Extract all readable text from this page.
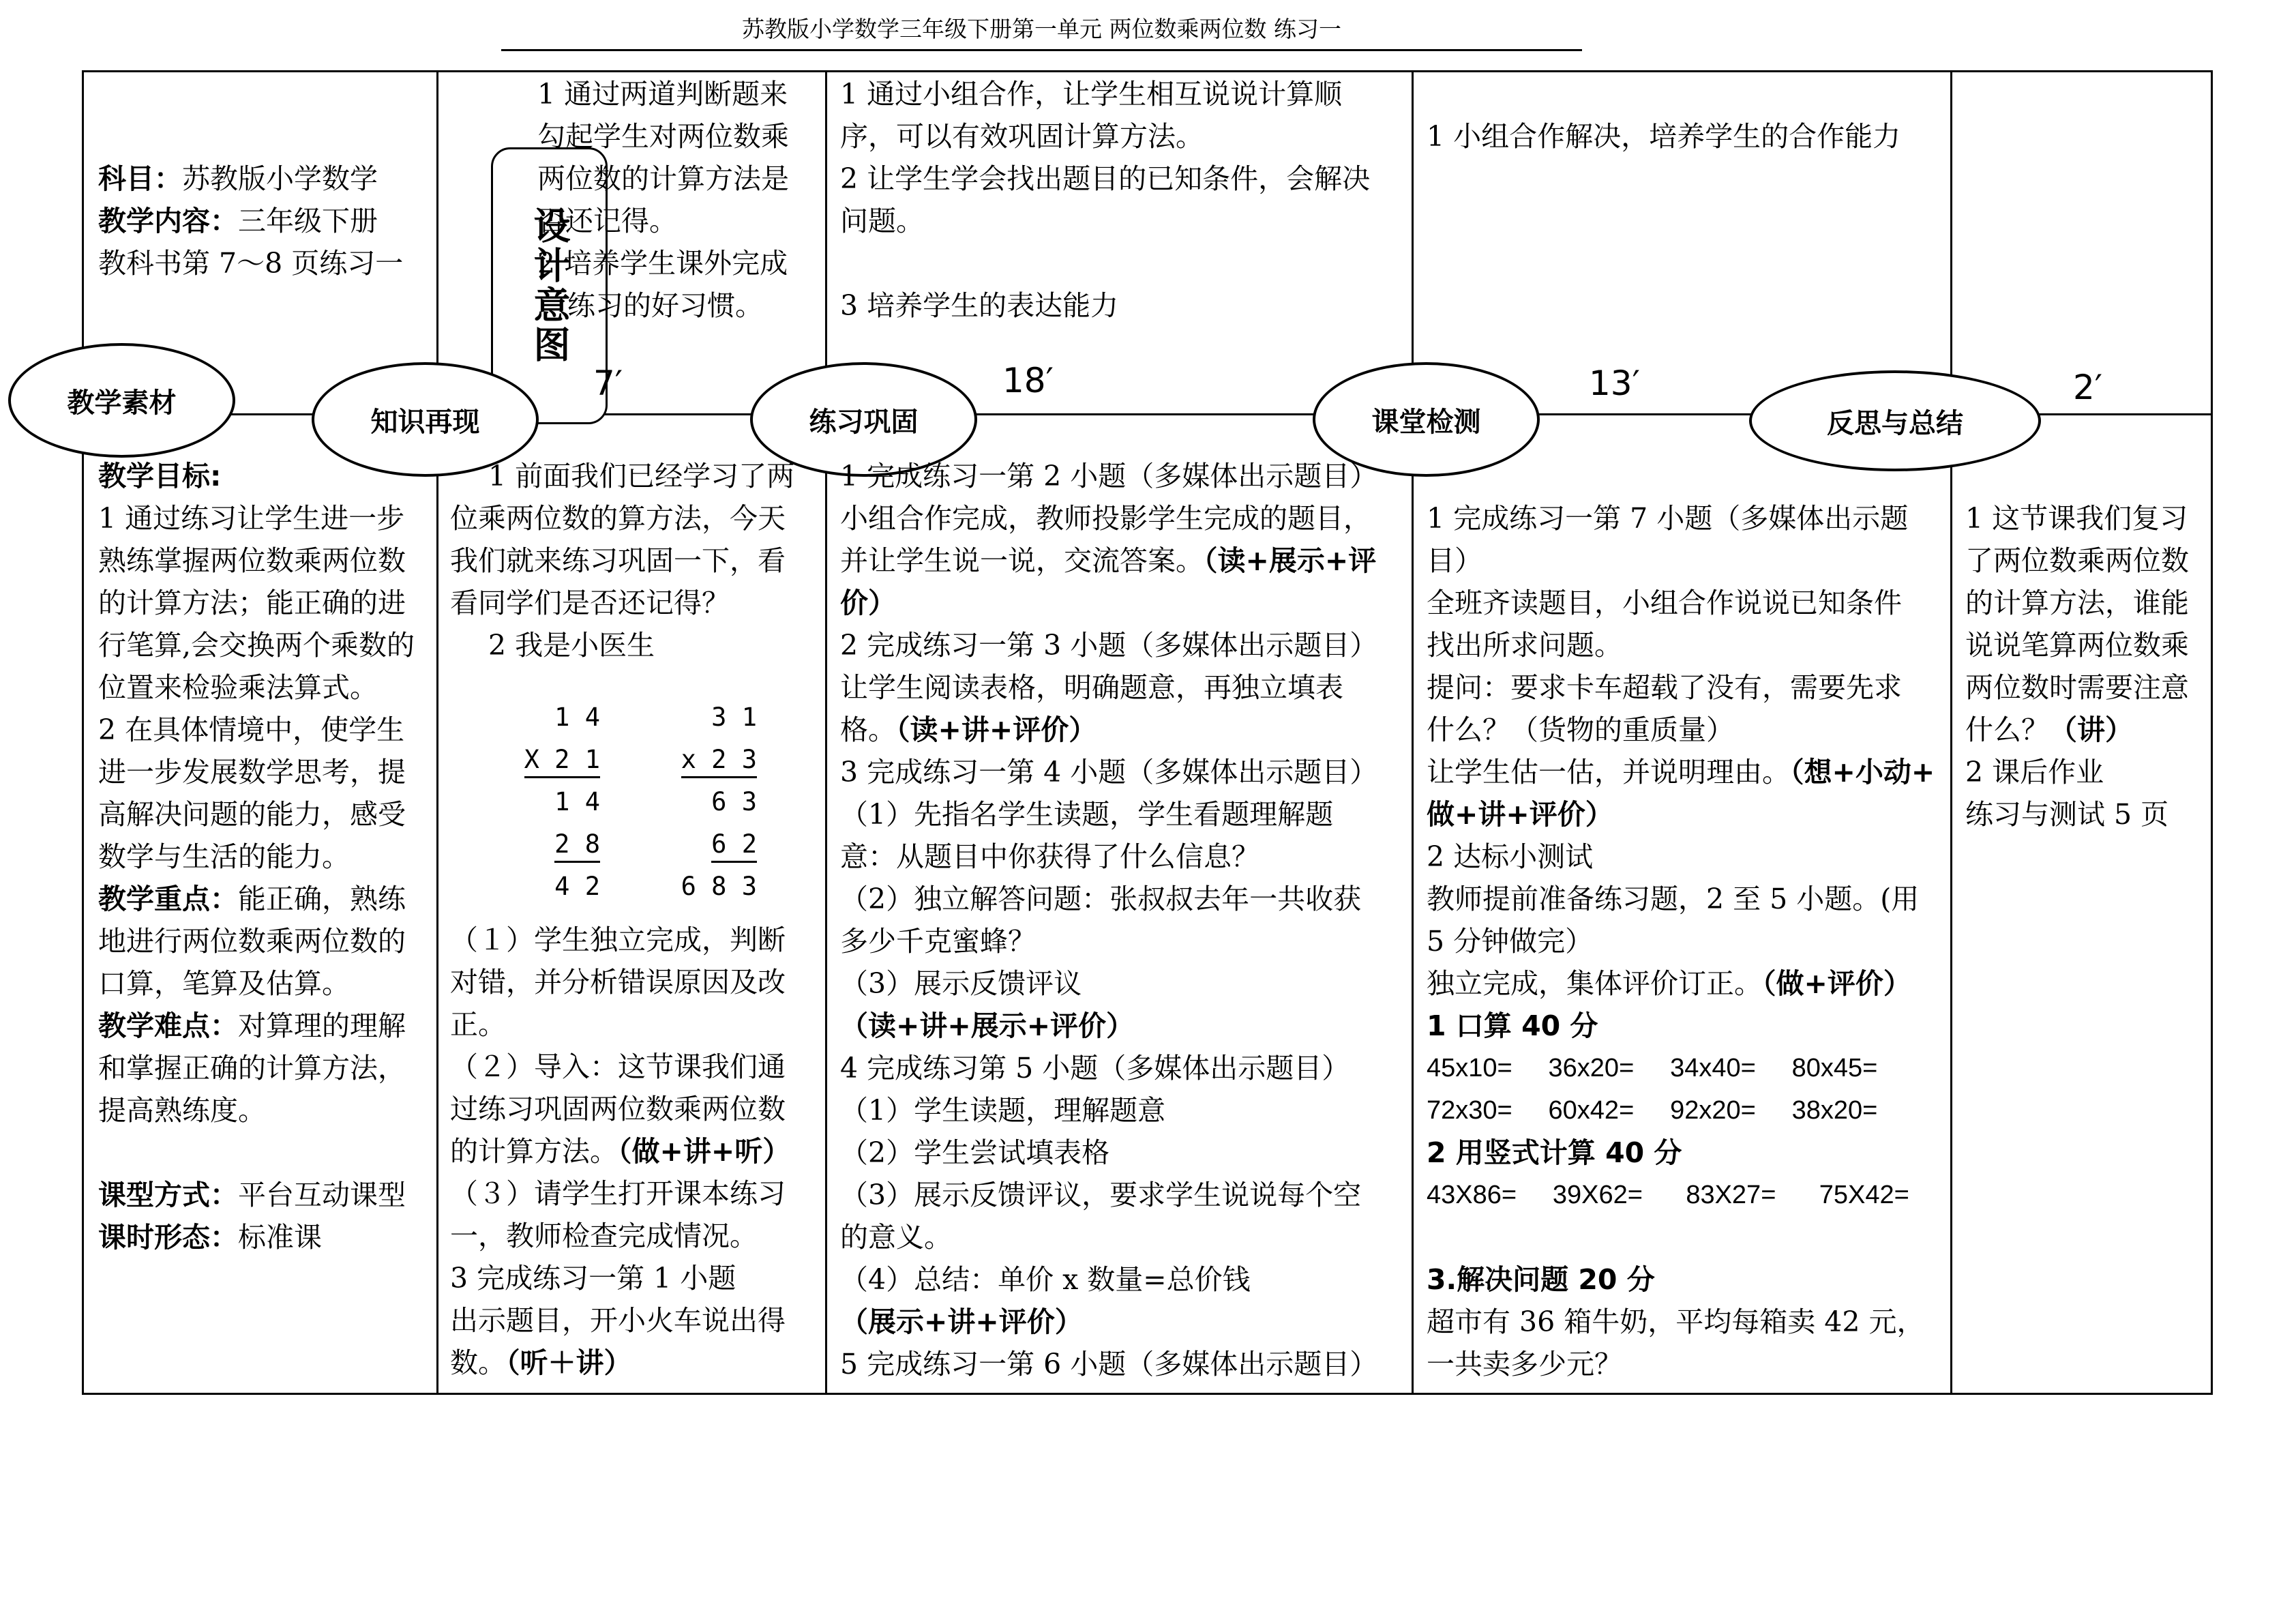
苏教版小学数学三年级下册第一单元 两位数乘两位数 练习一

科目：苏教版小学数学

教学内容：三年级下册

教科书第 7～8 页练习一	设计意图

1 通过两道判断题来

勾起学生对两位数乘

两位数的计算方法是

否还记得。

2 培养学生课外完成

练习的好习惯。

1 通过小组合作，让学生相互说说计算顺

序，可以有效巩固计算方法。

2 让学生学会找出题目的已知条件，会解决

问题。

3 培养学生的表达能力

1 小组合作解决，培养学生的合作能力

教学素材
知识再现
7′
练习巩固
18′
课堂检测
13′
反思与总结
2′

教学目标:

1 通过练习让学生进一步

熟练掌握两位数乘两位数

的计算方法；能正确的进

行笔算,会交换两个乘数的

位置来检验乘法算式。

2 在具体情境中，使学生

进一步发展数学思考，提

高解决问题的能力，感受

数学与生活的能力。

教学重点：能正确，熟练

地进行两位数乘两位数的

口算，笔算及估算。

教学难点：对算理的理解

和掌握正确的计算方法，

提高熟练度。

课型方式：平台互动课型

课时形态：标准课

1 前面我们已经学习了两

位乘两位数的算方法，今天

我们就来练习巩固一下，看

看同学们是否还记得？

2 我是小医生

1 4
X 2 1
1 4
2 8
4 2
3 1
x 2 3
6 3
6 2
6 8 3

（１）学生独立完成，判断

对错，并分析错误原因及改

正。

（２）导入：这节课我们通

过练习巩固两位数乘两位数

的计算方法。（做+讲+听）

（３）请学生打开课本练习

一，教师检查完成情况。

3 完成练习一第 1 小题

出示题目，开小火车说出得

数。（听＋讲）

1 完成练习一第 2 小题（多媒体出示题目）

小组合作完成，教师投影学生完成的题目，

并让学生说一说，交流答案。（读+展示+评

价）

2 完成练习一第 3 小题（多媒体出示题目）

让学生阅读表格，明确题意，再独立填表

格。（读+讲+评价）

3 完成练习一第 4 小题（多媒体出示题目）

（1）先指名学生读题，学生看题理解题

意：从题目中你获得了什么信息？

（2）独立解答问题：张叔叔去年一共收获

多少千克蜜蜂？

（3）展示反馈评议

（读+讲+展示+评价）

4 完成练习第 5 小题（多媒体出示题目）

（1）学生读题，理解题意

（2）学生尝试填表格

（3）展示反馈评议，要求学生说说每个空

的意义。

（4）总结：单价 x 数量=总价钱

（展示+讲+评价）

5 完成练习一第 6 小题（多媒体出示题目）

1 完成练习一第 7 小题（多媒体出示题

目）

全班齐读题目，小组合作说说已知条件

找出所求问题。

提问：要求卡车超载了没有，需要先求

什么？（货物的重质量）

让学生估一估，并说明理由。（想+小动+

做+讲+评价）

2 达标小测试

教师提前准备练习题，2 至 5 小题。(用

5 分钟做完）

独立完成，集体评价订正。（做+评价）

1 口算 40 分

45x10= 36x20= 34x40= 80x45=

72x30= 60x42= 92x20= 38x20=

2 用竖式计算 40 分

43X86= 39X62= 83X27= 75X42=

3.解决问题 20 分

超市有 36 箱牛奶，平均每箱卖 42 元，

一共卖多少元？

1 这节课我们复习

了两位数乘两位数

的计算方法，谁能

说说笔算两位数乘

两位数时需要注意

什么？（讲）

2 课后作业

练习与测试 5 页
